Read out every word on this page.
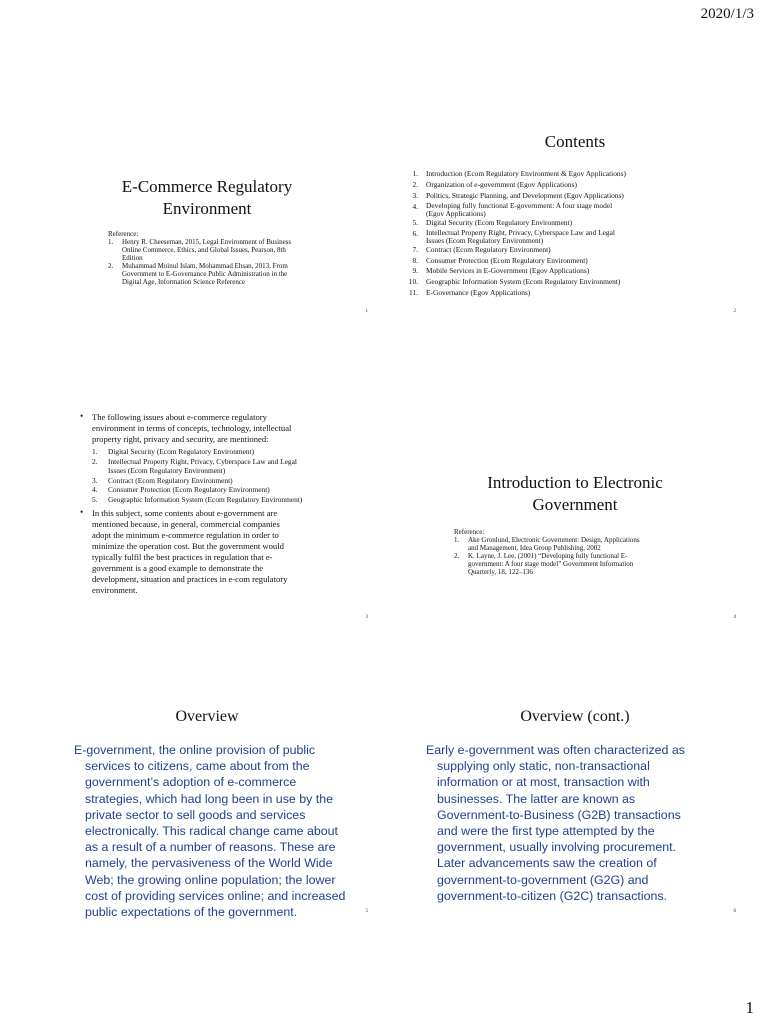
2020/1/3
E-Commerce Regulatory
Environment
Reference:
1.	Henry R. Cheeseman, 2015, Legal Environment of Business
Online Commerce, Ethics, and Global Issues, Pearson, 8th
Edition
2.	Muhammad Muinul Islam, Mohammad Ehsan, 2013, From
Government to E-Governance Public Administration in the
Digital Age, Information Science Reference
1
Contents
1. Introduction (Ecom Regulatory Environment & Egov Applications)
2. Organization of e-government (Egov Applications)
3. Politics, Strategic Planning, and Development (Egov Applications)
4. Developing fully functional E-government: A four stage model
(Egov Applications)
5. Digital Security (Ecom Regulatory Environment)
6. Intellectual Property Right, Privacy, Cyberspace Law and Legal
Issues (Ecom Regulatory Environment)
7. Contract (Ecom Regulatory Environment)
8. Consumer Protection (Ecom Regulatory Environment)
9. Mobile Services in E-Government (Egov Applications)
10. Geographic Information System (Ecom Regulatory Environment)
11. E-Governance (Egov Applications)
2
• The following issues about e-commerce regulatory
environment in terms of concepts, technology, intellectual
property right, privacy and security, are mentioned:
1.	Digital Security (Ecom Regulatory Environment)
2.	Intellectual Property Right, Privacy, Cyberspace Law and Legal
Issues (Ecom Regulatory Environment)
3.	Contract (Ecom Regulatory Environment)
4.	Consumer Protection (Ecom Regulatory Environment)
5.	Geographic Information System (Ecom Regulatory Environment)
• In this subject, some contents about e-government are
mentioned because, in general, commercial companies
adopt the minimum e-commerce regulation in order to
minimize the operation cost. But the government would
typically fulfil the best practices in regulation that e-
government is a good example to demonstrate the
development, situation and practices in e-com regulatory
environment.
3
Introduction to Electronic
Government
Reference:
1.	Ake Gronlund, Electronic Government: Design, Applications
and Management, Idea Group Publishing, 2002
2.	K. Layne, J. Lee, (2001) “Developing fully functional E-
government: A four stage model” Government Information
Quarterly, 18, 122–136
4
Overview
E-government, the online provision of public
services to citizens, came about from the
government’s adoption of e-commerce
strategies, which had long been in use by the
private sector to sell goods and services
electronically. This radical change came about
as a result of a number of reasons. These are
namely, the pervasiveness of the World Wide
Web; the growing online population; the lower
cost of providing services online; and increased
public expectations of the government.	5
Overview (cont.)
Early e-government was often characterized as
supplying only static, non-transactional
information or at most, transaction with
businesses. The latter are known as
Government-to-Business (G2B) transactions
and were the first type attempted by the
government, usually involving procurement.
Later advancements saw the creation of
government-to-government (G2G) and
government-to-citizen (G2C) transactions.
6
1
